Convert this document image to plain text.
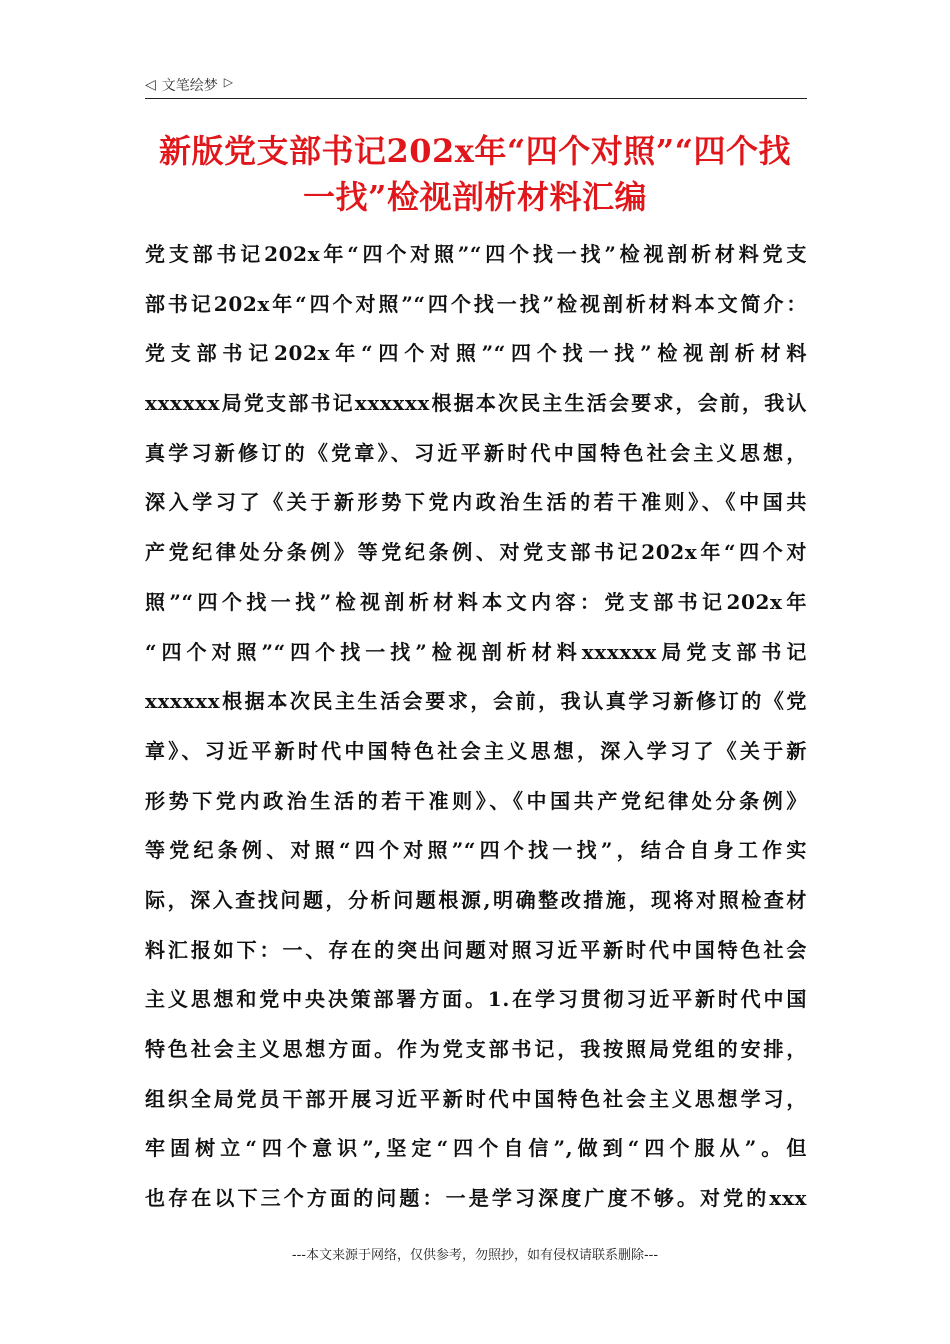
◁ 文笔绘梦 ▷
新版党支部书记202x年“四个对照”“四个找
一找”检视剖析材料汇编
党支部书记202x年“四个对照”“四个找一找”检视剖析材料党支
部书记202x年“四个对照”“四个找一找”检视剖析材料本文简介：
党支部书记202x年“四个对照”“四个找一找”检视剖析材料
xxxxxx局党支部书记xxxxxx根据本次民主生活会要求，会前，我认
真学习新修订的《党章》、习近平新时代中国特色社会主义思想，
深入学习了《关于新形势下党内政治生活的若干准则》、《中国共
产党纪律处分条例》等党纪条例、对党支部书记202x年“四个对
照”“四个找一找”检视剖析材料本文内容：党支部书记202x年
“四个对照”“四个找一找”检视剖析材料xxxxxx局党支部书记
xxxxxx根据本次民主生活会要求，会前，我认真学习新修订的《党
章》、习近平新时代中国特色社会主义思想，深入学习了《关于新
形势下党内政治生活的若干准则》、《中国共产党纪律处分条例》
等党纪条例、对照“四个对照”“四个找一找”，结合自身工作实
际，深入查找问题，分析问题根源,明确整改措施，现将对照检查材
料汇报如下：一、存在的突出问题对照习近平新时代中国特色社会
主义思想和党中央决策部署方面。1.在学习贯彻习近平新时代中国
特色社会主义思想方面。作为党支部书记，我按照局党组的安排，
组织全局党员干部开展习近平新时代中国特色社会主义思想学习，
牢固树立“四个意识”,坚定“四个自信”,做到“四个服从”。但
也存在以下三个方面的问题：一是学习深度广度不够。对党的xxx
---本文来源于网络，仅供参考，勿照抄，如有侵权请联系删除---
